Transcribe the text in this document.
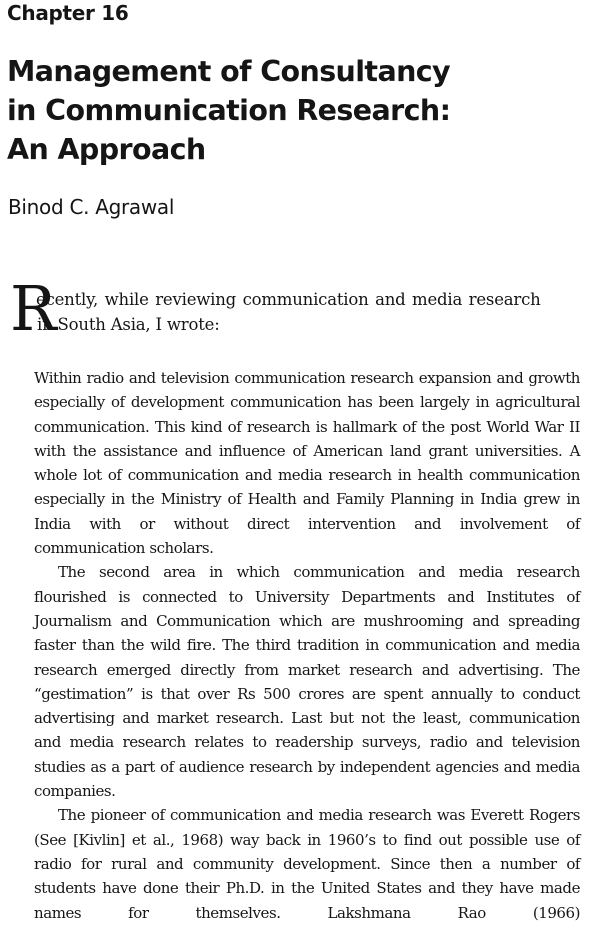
Chapter 16
Management of Consultancy
in Communication Research:
An Approach
Binod C. Agrawal
R
ecently, while reviewing communication and media research
in South Asia, I wrote:

Within radio and television communication research expansion and growth especially of development communication has been largely in agricultural communication. This kind of research is hallmark of the post World War II with the assistance and influence of American land grant universities. A whole lot of communication and media research in health communication especially in the Ministry of Health and Family Planning in India grew in India with or without direct intervention and involvement of communication scholars.

The second area in which communication and media research flourished is connected to University Departments and Institutes of Journalism and Communication which are mushrooming and spreading faster than the wild fire. The third tradition in communication and media research emerged directly from market research and advertising. The “gestimation” is that over Rs 500 crores are spent annually to conduct advertising and market research. Last but not the least, communication and media research relates to readership surveys, radio and television studies as a part of audience research by independent agencies and media companies.

The pioneer of communication and media research was Everett Rogers (See [Kivlin] et al., 1968) way back in 1960’s to find out possible use of radio for rural and community development. Since then a number of students have done their Ph.D. in the United States and they have made names for themselves. Lakshmana Rao (1966)
